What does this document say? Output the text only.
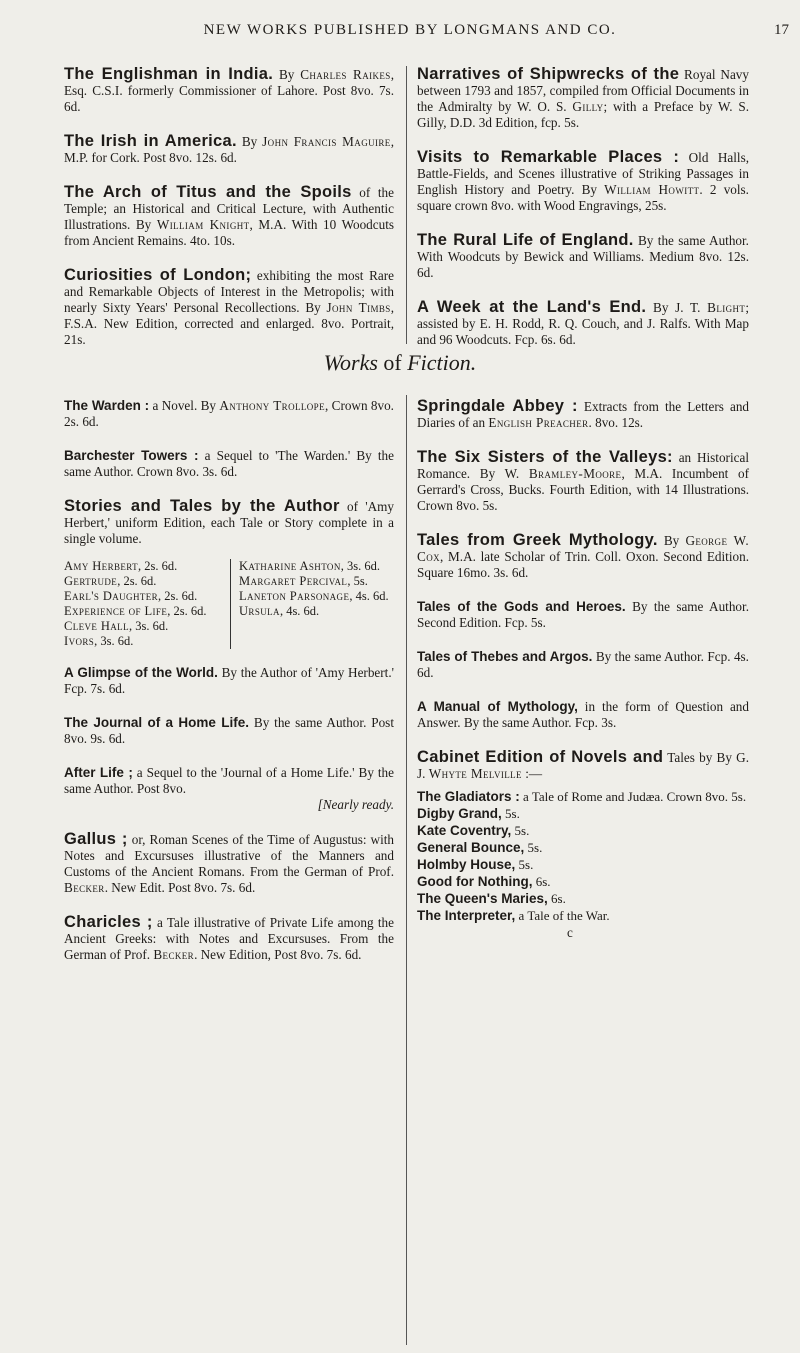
NEW WORKS PUBLISHED BY LONGMANS AND CO.	17
The Englishman in India. By Charles Raikes, Esq. C.S.I. formerly Commissioner of Lahore. Post 8vo. 7s. 6d.
The Irish in America. By John Francis Maguire, M.P. for Cork. Post 8vo. 12s. 6d.
The Arch of Titus and the Spoils of the Temple; an Historical and Critical Lecture, with Authentic Illustrations. By William Knight, M.A. With 10 Woodcuts from Ancient Remains. 4to. 10s.
Curiosities of London; exhibiting the most Rare and Remarkable Objects of Interest in the Metropolis; with nearly Sixty Years' Personal Recollections. By John Timbs, F.S.A. New Edition, corrected and enlarged. 8vo. Portrait, 21s.
Narratives of Shipwrecks of the Royal Navy between 1793 and 1857, compiled from Official Documents in the Admiralty by W. O. S. Gilly; with a Preface by W. S. Gilly, D.D. 3d Edition, fcp. 5s.
Visits to Remarkable Places : Old Halls, Battle-Fields, and Scenes illustrative of Striking Passages in English History and Poetry. By William Howitt. 2 vols. square crown 8vo. with Wood Engravings, 25s.
The Rural Life of England. By the same Author. With Woodcuts by Bewick and Williams. Medium 8vo. 12s. 6d.
A Week at the Land's End. By J. T. Blight; assisted by E. H. Rodd, R. Q. Couch, and J. Ralfs. With Map and 96 Woodcuts. Fcp. 6s. 6d.
Works of Fiction.
The Warden : a Novel. By Anthony Trollope, Crown 8vo. 2s. 6d.
Barchester Towers : a Sequel to 'The Warden.' By the same Author. Crown 8vo. 3s. 6d.
Stories and Tales by the Author of 'Amy Herbert,' uniform Edition, each Tale or Story complete in a single volume.

Amy Herbert, 2s. 6d.

Gertrude, 2s. 6d.

Earl's Daughter, 2s. 6d.

Experience of Life, 2s. 6d.

Cleve Hall, 3s. 6d.

Ivors, 3s. 6d.

Katharine Ashton, 3s. 6d.

Margaret Percival, 5s.

Laneton Parsonage, 4s. 6d.

Ursula, 4s. 6d.

A Glimpse of the World. By the Author of 'Amy Herbert.' Fcp. 7s. 6d.
The Journal of a Home Life. By the same Author. Post 8vo. 9s. 6d.
After Life ; a Sequel to the 'Journal of a Home Life.' By the same Author. Post 8vo.

[Nearly ready.
Gallus ; or, Roman Scenes of the Time of Augustus: with Notes and Excursuses illustrative of the Manners and Customs of the Ancient Romans. From the German of Prof. Becker. New Edit. Post 8vo. 7s. 6d.
Charicles ; a Tale illustrative of Private Life among the Ancient Greeks: with Notes and Excursuses. From the German of Prof. Becker. New Edition, Post 8vo. 7s. 6d.
Springdale Abbey : Extracts from the Letters and Diaries of an English Preacher. 8vo. 12s.
The Six Sisters of the Valleys: an Historical Romance. By W. Bramley-Moore, M.A. Incumbent of Gerrard's Cross, Bucks. Fourth Edition, with 14 Illustrations. Crown 8vo. 5s.
Tales from Greek Mythology. By George W. Cox, M.A. late Scholar of Trin. Coll. Oxon. Second Edition. Square 16mo. 3s. 6d.
Tales of the Gods and Heroes. By the same Author. Second Edition. Fcp. 5s.
Tales of Thebes and Argos. By the same Author. Fcp. 4s. 6d.
A Manual of Mythology, in the form of Question and Answer. By the same Author. Fcp. 3s.
Cabinet Edition of Novels and Tales by By G. J. Whyte Melville :—

The Gladiators : a Tale of Rome and Judæa. Crown 8vo. 5s.

Digby Grand, 5s.

Kate Coventry, 5s.

General Bounce, 5s.

Holmby House, 5s.

Good for Nothing, 6s.

The Queen's Maries, 6s.

The Interpreter, a Tale of the War.

c
